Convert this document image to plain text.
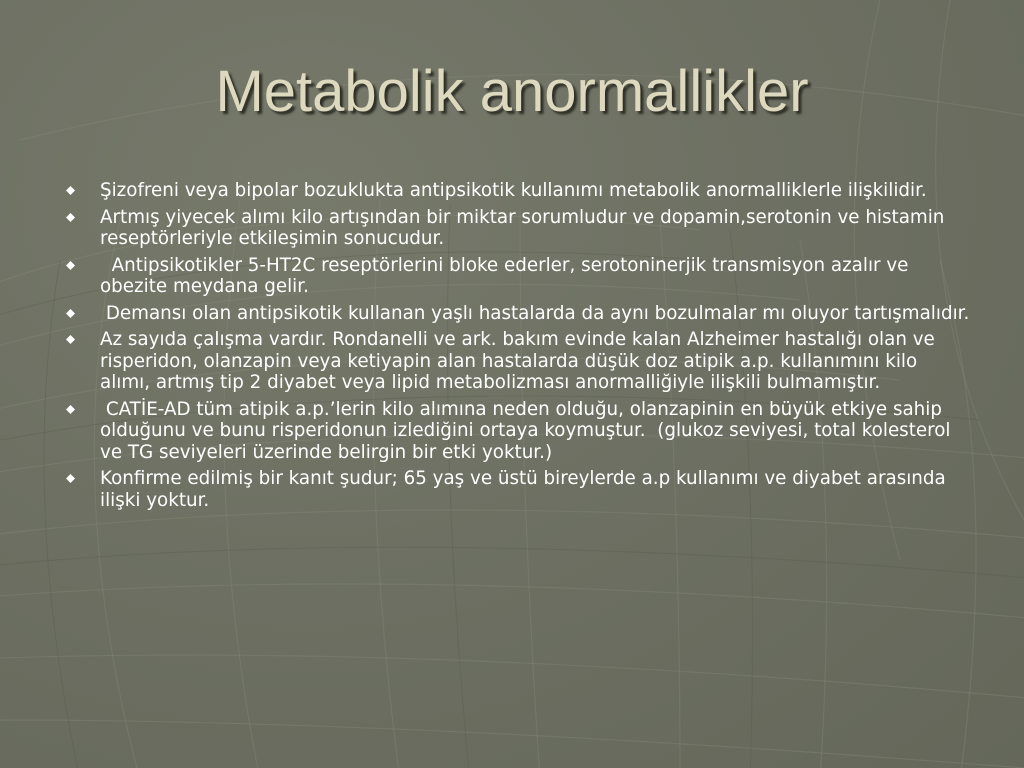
Metabolik anormallikler
Şizofreni veya bipolar bozuklukta antipsikotik kullanımı metabolik anormalliklerle ilişkilidir.
Artmış yiyecek alımı kilo artışından bir miktar sorumludur ve dopamin,serotonin ve histamin reseptörleriyle etkileşimin sonucudur.
Antipsikotikler 5-HT2C reseptörlerini bloke ederler, serotoninerjik transmisyon azalır ve obezite meydana gelir.
Demansı olan antipsikotik kullanan yaşlı hastalarda da aynı bozulmalar mı oluyor tartışmalıdır.
Az sayıda çalışma vardır. Rondanelli ve ark. bakım evinde kalan Alzheimer hastalığı olan ve risperidon, olanzapin veya ketiyapin alan hastalarda düşük doz atipik a.p. kullanımını kilo alımı, artmış tip 2 diyabet veya lipid metabolizması anormalliğiyle ilişkili bulmamıştır.
CATİE-AD tüm atipik a.p.’lerin kilo alımına neden olduğu, olanzapinin en büyük etkiye sahip olduğunu ve bunu risperidonun izlediğini ortaya koymuştur.  (glukoz seviyesi, total kolesterol ve TG seviyeleri üzerinde belirgin bir etki yoktur.)
Konfirme edilmiş bir kanıt şudur; 65 yaş ve üstü bireylerde a.p kullanımı ve diyabet arasında ilişki yoktur.
